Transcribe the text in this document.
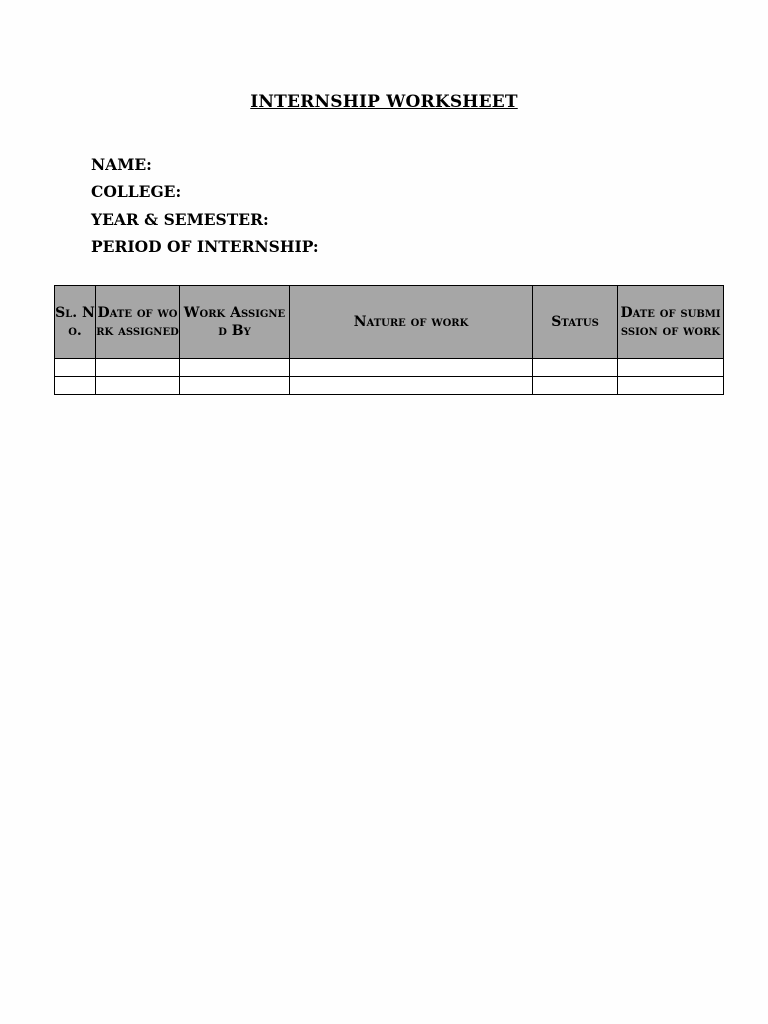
INTERNSHIP WORKSHEET
NAME:
COLLEGE:
YEAR & SEMESTER:
PERIOD OF INTERNSHIP:
Sl. No.	Date of work assigned	Work Assigned By	Nature of work	Status	Date of submission of work
